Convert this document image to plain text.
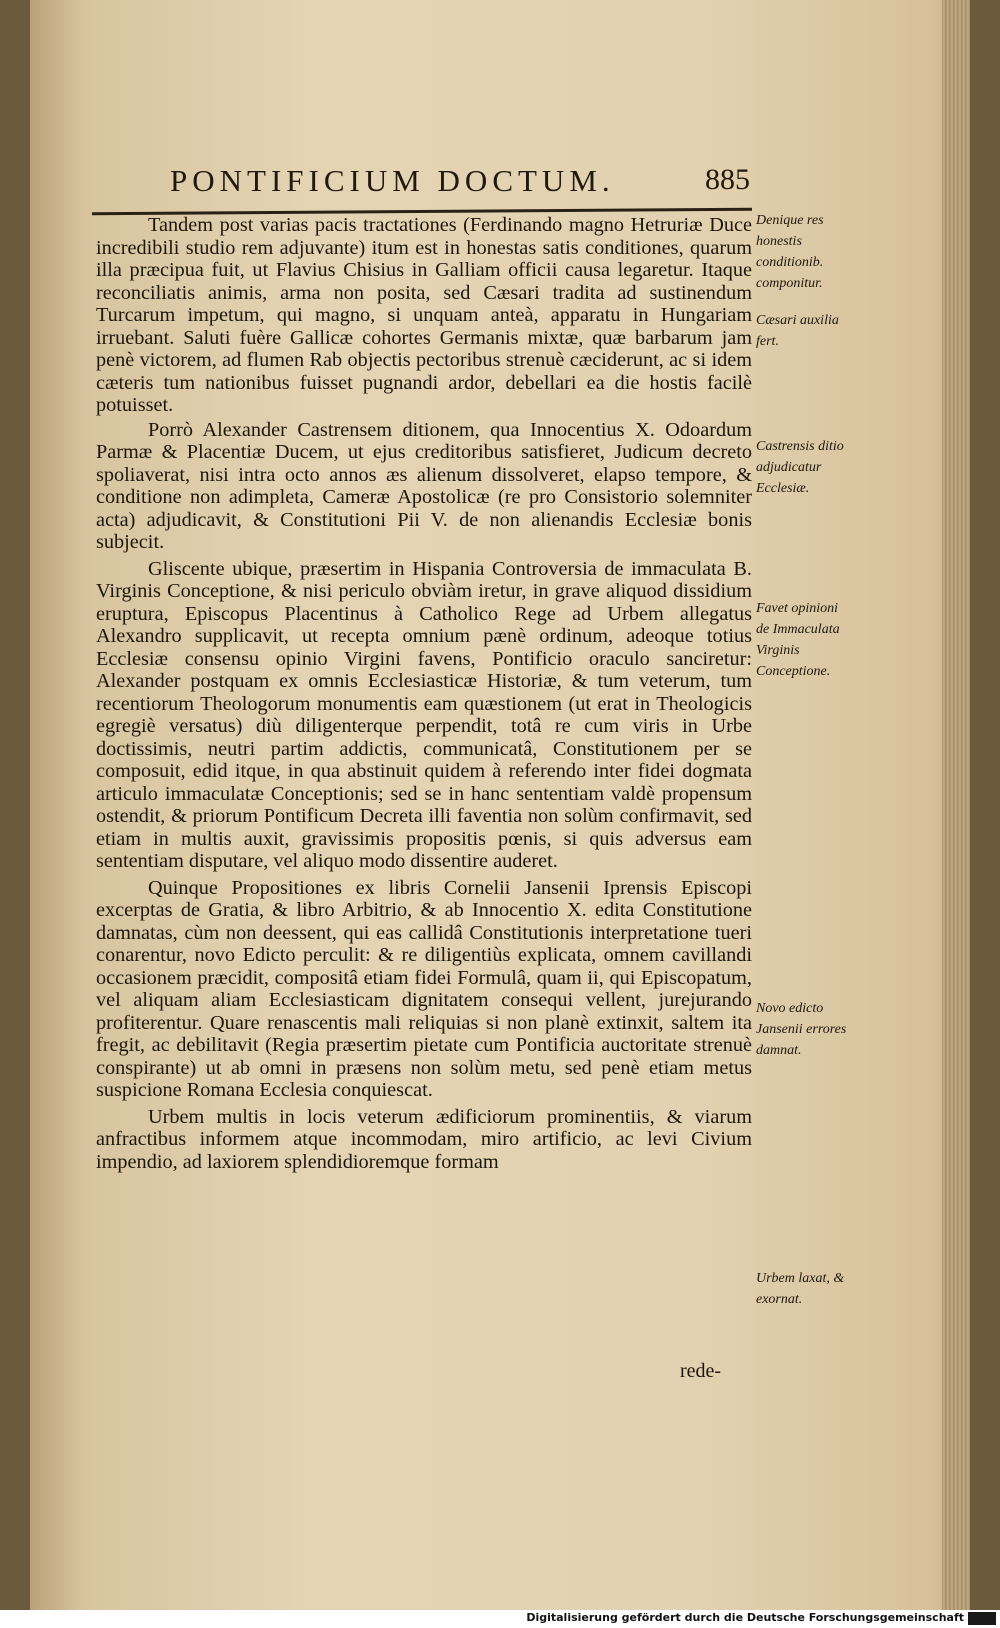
PONTIFICIUM DOCTUM.	885

Tandem post varias pacis tractationes (Ferdinando magno Hetruriæ Duce incredibili studio rem adjuvante) itum est in honestas satis conditiones, quarum illa præcipua fuit, ut Flavius Chisius in Galliam officii causa legaretur. Itaque reconciliatis animis, arma non posita, sed Cæsari tradita ad sustinendum Turcarum impetum, qui magno, si unquam anteà, apparatu in Hungariam irruebant. Saluti fuère Gallicæ cohortes Germanis mixtæ, quæ barbarum jam penè victorem, ad flumen Rab objectis pectoribus strenuè cæciderunt, ac si idem cæteris tum nationibus fuisset pugnandi ardor, debellari ea die hostis facilè potuisset.

Porrò Alexander Castrensem ditionem, qua Innocentius X. Odoardum Parmæ & Placentiæ Ducem, ut ejus creditoribus satisfieret, Judicum decreto spoliaverat, nisi intra octo annos æs alienum dissolveret, elapso tempore, & conditione non adimpleta, Cameræ Apostolicæ (re pro Consistorio solemniter acta) adjudicavit, & Constitutioni Pii V. de non alienandis Ecclesiæ bonis subjecit.

Gliscente ubique, præsertim in Hispania Controversia de immaculata B. Virginis Conceptione, & nisi periculo obviàm iretur, in grave aliquod dissidium eruptura, Episcopus Placentinus à Catholico Rege ad Urbem allegatus Alexandro supplicavit, ut recepta omnium pænè ordinum, adeoque totius Ecclesiæ consensu opinio Virgini favens, Pontificio oraculo sanciretur: Alexander postquam ex omnis Ecclesiasticæ Historiæ, & tum veterum, tum recentiorum Theologorum monumentis eam quæstionem (ut erat in Theologicis egregiè versatus) diù diligenterque perpendit, totâ re cum viris in Urbe doctissimis, neutri partim addictis, communicatâ, Constitutionem per se composuit, edid itque, in qua abstinuit quidem à referendo inter fidei dogmata articulo immaculatæ Conceptionis; sed se in hanc sententiam valdè propensum ostendit, & priorum Pontificum Decreta illi faventia non solùm confirmavit, sed etiam in multis auxit, gravissimis propositis pœnis, si quis adversus eam sententiam disputare, vel aliquo modo dissentire auderet.

Quinque Propositiones ex libris Cornelii Jansenii Iprensis Episcopi excerptas de Gratia, & libro Arbitrio, & ab Innocentio X. edita Constitutione damnatas, cùm non deessent, qui eas callidâ Constitutionis interpretatione tueri conarentur, novo Edicto perculit: & re diligentiùs explicata, omnem cavillandi occasionem præcidit, compositâ etiam fidei Formulâ, quam ii, qui Episcopatum, vel aliquam aliam Ecclesiasticam dignitatem consequi vellent, jurejurando profiterentur. Quare renascentis mali reliquias si non planè extinxit, saltem ita fregit, ac debilitavit (Regia præsertim pietate cum Pontificia auctoritate strenuè conspirante) ut ab omni in præsens non solùm metu, sed penè etiam metus suspicione Romana Ecclesia conquiescat.

Urbem multis in locis veterum ædificiorum prominentiis, & viarum anfractibus informem atque incommodam, miro artificio, ac levi Civium impendio, ad laxiorem splendidioremque formam

Denique res honestis conditionib. componitur.
Cæsari auxilia fert.
Castrensis ditio adjudicatur Ecclesiæ.
Favet opinioni de Immaculata Virginis Conceptione.
Novo edicto Jansenii errores damnat.
Urbem laxat, & exornat.
rede-
Digitalisierung gefördert durch die Deutsche Forschungsgemeinschaft
